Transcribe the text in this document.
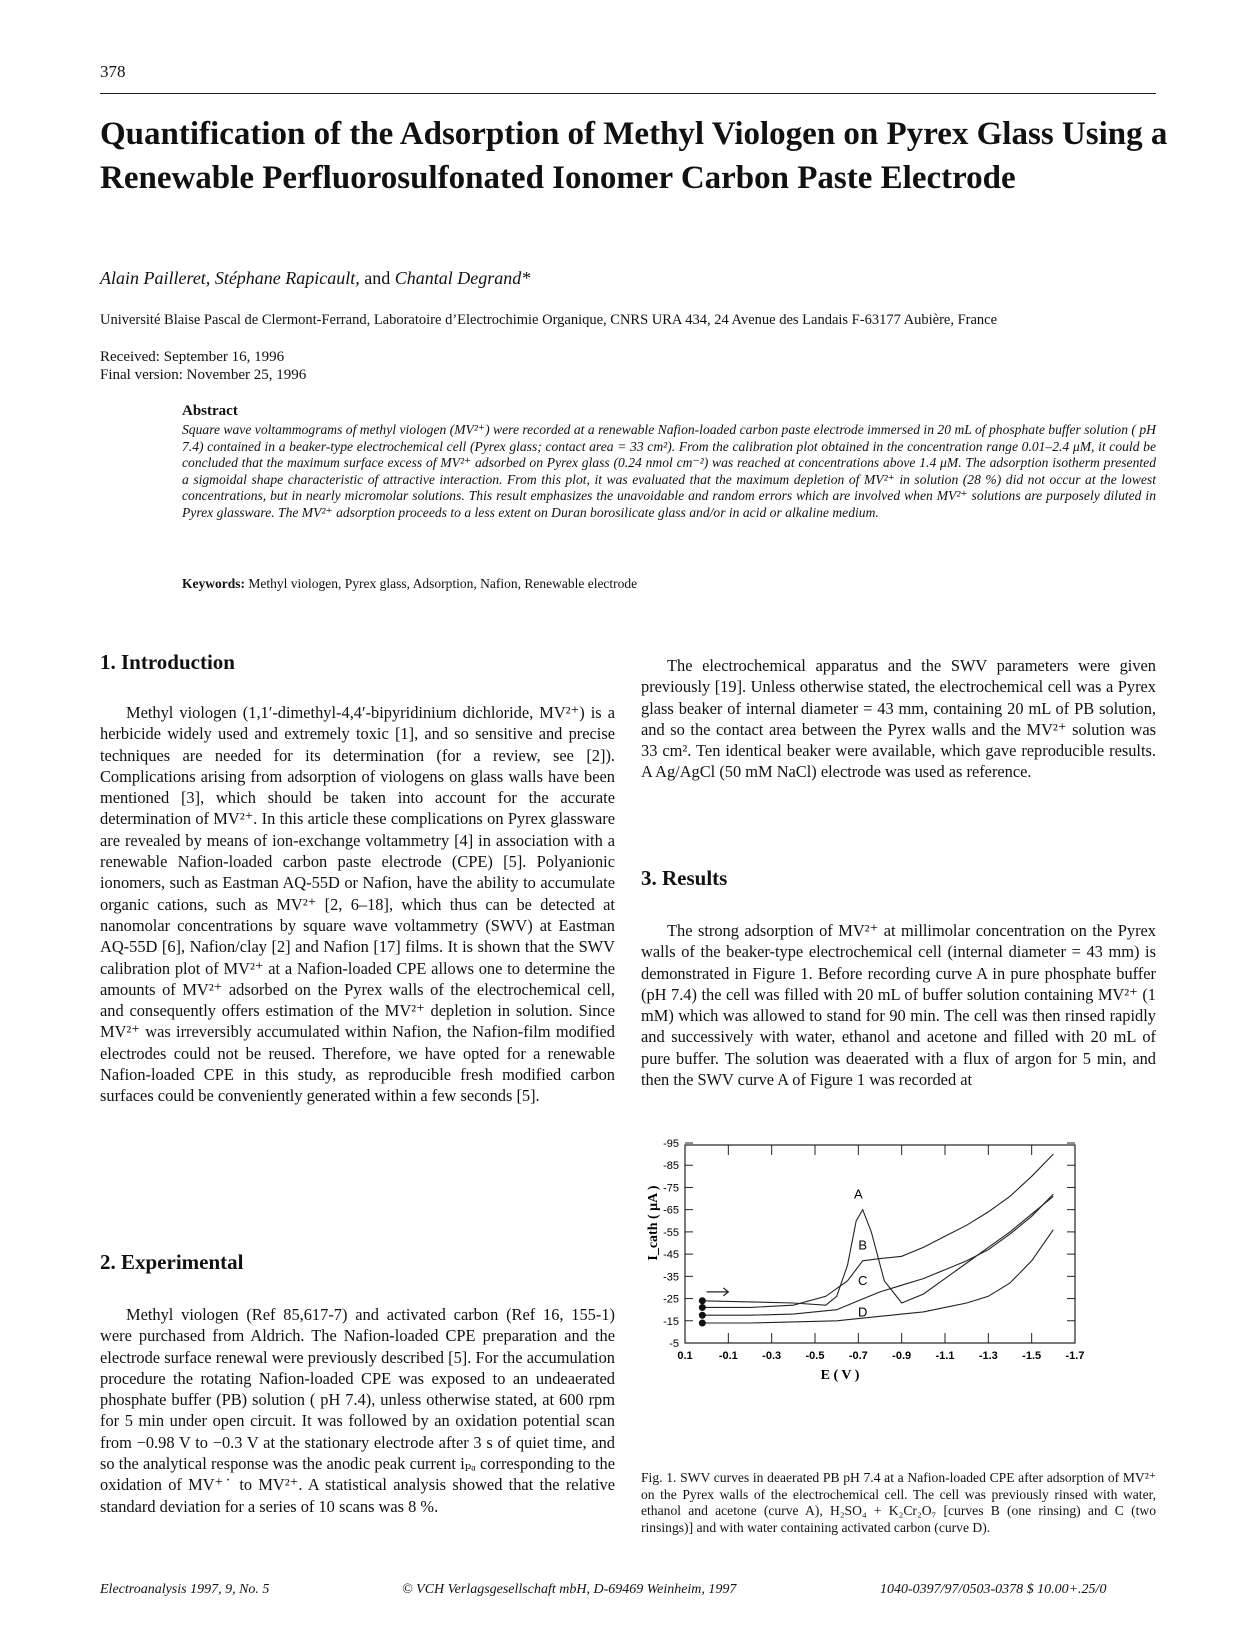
378
Quantification of the Adsorption of Methyl Viologen on Pyrex Glass Using a Renewable Perfluorosulfonated Ionomer Carbon Paste Electrode
Alain Pailleret, Stéphane Rapicault, and Chantal Degrand*
Université Blaise Pascal de Clermont-Ferrand, Laboratoire d’Electrochimie Organique, CNRS URA 434, 24 Avenue des Landais F-63177 Aubière, France
Received: September 16, 1996
Final version: November 25, 1996
Abstract
Square wave voltammograms of methyl viologen (MV²⁺) were recorded at a renewable Nafion-loaded carbon paste electrode immersed in 20 mL of phosphate buffer solution ( pH 7.4) contained in a beaker-type electrochemical cell (Pyrex glass; contact area = 33 cm²). From the calibration plot obtained in the concentration range 0.01–2.4 μM, it could be concluded that the maximum surface excess of MV²⁺ adsorbed on Pyrex glass (0.24 nmol cm⁻²) was reached at concentrations above 1.4 μM. The adsorption isotherm presented a sigmoidal shape characteristic of attractive interaction. From this plot, it was evaluated that the maximum depletion of MV²⁺ in solution (28 %) did not occur at the lowest concentrations, but in nearly micromolar solutions. This result emphasizes the unavoidable and random errors which are involved when MV²⁺ solutions are purposely diluted in Pyrex glassware. The MV²⁺ adsorption proceeds to a less extent on Duran borosilicate glass and/or in acid or alkaline medium.
Keywords: Methyl viologen, Pyrex glass, Adsorption, Nafion, Renewable electrode
1. Introduction

Methyl viologen (1,1′-dimethyl-4,4′-bipyridinium dichloride, MV²⁺) is a herbicide widely used and extremely toxic [1], and so sensitive and precise techniques are needed for its determination (for a review, see [2]). Complications arising from adsorption of viologens on glass walls have been mentioned [3], which should be taken into account for the accurate determination of MV²⁺. In this article these complications on Pyrex glassware are revealed by means of ion-exchange voltammetry [4] in association with a renewable Nafion-loaded carbon paste electrode (CPE) [5]. Polyanionic ionomers, such as Eastman AQ-55D or Nafion, have the ability to accumulate organic cations, such as MV²⁺ [2, 6–18], which thus can be detected at nanomolar concentrations by square wave voltammetry (SWV) at Eastman AQ-55D [6], Nafion/clay [2] and Nafion [17] films. It is shown that the SWV calibration plot of MV²⁺ at a Nafion-loaded CPE allows one to determine the amounts of MV²⁺ adsorbed on the Pyrex walls of the electrochemical cell, and consequently offers estimation of the MV²⁺ depletion in solution. Since MV²⁺ was irreversibly accumulated within Nafion, the Nafion-film modified electrodes could not be reused. Therefore, we have opted for a renewable Nafion-loaded CPE in this study, as reproducible fresh modified carbon surfaces could be conveniently generated within a few seconds [5].

2. Experimental

Methyl viologen (Ref 85,617-7) and activated carbon (Ref 16, 155-1) were purchased from Aldrich. The Nafion-loaded CPE preparation and the electrode surface renewal were previously described [5]. For the accumulation procedure the rotating Nafion-loaded CPE was exposed to an undeaerated phosphate buffer (PB) solution ( pH 7.4), unless otherwise stated, at 600 rpm for 5 min under open circuit. It was followed by an oxidation potential scan from −0.98 V to −0.3 V at the stationary electrode after 3 s of quiet time, and so the analytical response was the anodic peak current iₚₐ corresponding to the oxidation of MV⁺˙ to MV²⁺. A statistical analysis showed that the relative standard deviation for a series of 10 scans was 8 %.

The electrochemical apparatus and the SWV parameters were given previously [19]. Unless otherwise stated, the electrochemical cell was a Pyrex glass beaker of internal diameter = 43 mm, containing 20 mL of PB solution, and so the contact area between the Pyrex walls and the MV²⁺ solution was 33 cm². Ten identical beaker were available, which gave reproducible results. A Ag/AgCl (50 mM NaCl) electrode was used as reference.

3. Results

The strong adsorption of MV²⁺ at millimolar concentration on the Pyrex walls of the beaker-type electrochemical cell (internal diameter = 43 mm) is demonstrated in Figure 1. Before recording curve A in pure phosphate buffer (pH 7.4) the cell was filled with 20 mL of buffer solution containing MV²⁺ (1 mM) which was allowed to stand for 90 min. The cell was then rinsed rapidly and successively with water, ethanol and acetone and filled with 20 mL of pure buffer. The solution was deaerated with a flux of argon for 5 min, and then the SWV curve A of Figure 1 was recorded at

0.1 -0.1 -0.3 -0.5 -0.7 -0.9 -1.1 -1.3 -1.5 -1.7
-95
-85
-75
-65
-55
-45
-35
-25
-15
-5
E ( V )
I_cath ( μA )	A
B
C
D
Fig. 1. SWV curves in deaerated PB pH 7.4 at a Nafion-loaded CPE after adsorption of MV²⁺ on the Pyrex walls of the electrochemical cell. The cell was previously rinsed with water, ethanol and acetone (curve A), H₂SO₄ + K₂Cr₂O₇ [curves B (one rinsing) and C (two rinsings)] and with water containing activated carbon (curve D).
Electroanalysis 1997, 9, No. 5	© VCH Verlagsgesellschaft mbH, D-69469 Weinheim, 1997	1040-0397/97/0503-0378 $ 10.00+.25/0
